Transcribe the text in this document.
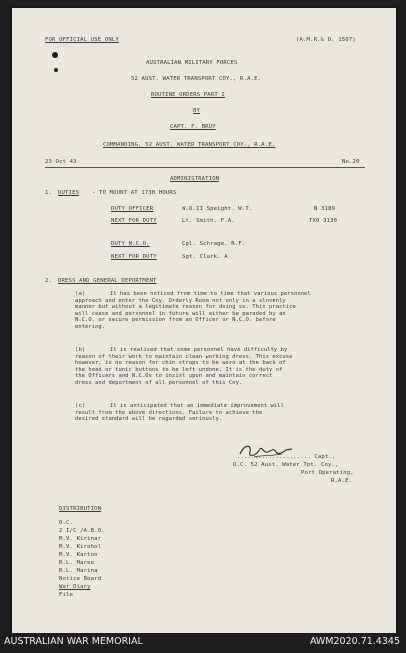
FOR OFFICIAL USE ONLY	(A.M.R.& O. 1507)
AUSTRALIAN MILITARY FORCES
52 AUST. WATER TRANSPORT COY., R.A.E.
ROUTINE ORDERS PART I
BY
CAPT. F. BRUY
COMMANDING, 52 AUST. WATER TRANSPORT COY., R.A.E.
23 Oct 43	No.20
ADMINISTRATION
1. DUTIES - TO MOUNT AT 1730 HOURS
DUTY OFFICER	W.O.II Speight. W.T.	N 3189
NEXT FOR DUTY	Lt. Smith. F.A.	TX0 3130
DUTY N.C.O.	Cpl. Schrage. R.F.
NEXT FOR DUTY	Sgt. Clark. A
2. DRESS AND GENERAL DEPORTMENT
(a)	It has been noticed from time to time that various personnel
approach and enter the Coy. Orderly Room not only in a slovenly
manner but without a legitimate reason for doing so. This practice
will cease and personnel in future will either be paraded by an
N.C.O. or secure permission from an Officer or N.C.O. before
entering.
(b)	It is realised that some personnel have difficulty by
reason of their work to maintain clean working dress. This excuse
however, is no reason for chin straps to be worn at the back of
the head or tunic buttons to be left undone. It is the duty of
the Officers and N.C.Os to insist upon and maintain correct
dress and deportment of all personnel of this Coy.
(c)	It is anticipated that an immediate improvement will
result from the above directions. Failure to achieve the
desired standard will be regarded seriously.
..................... Capt.,
O.C. 52 Aust. Water Tpt. Coy.,
Port Operating,
R.A.E.
DISTRIBUTION
O.C.
2 I/C /A.B.O.
M.V. Kirinar
M.V. Kirohol
M.V. Karton
R.L. Maree
R.L. Marina
Notice Board
War Diary
File
AUSTRALIAN WAR MEMORIAL	AWM2020.71.4345
